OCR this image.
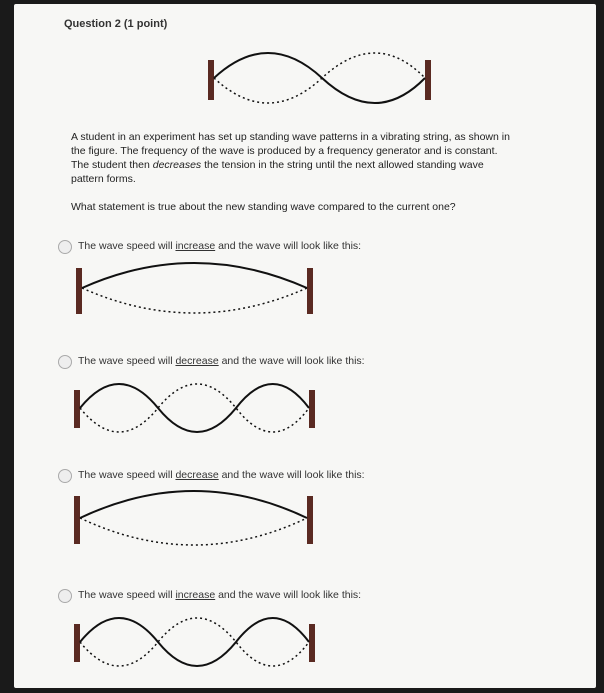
Question 2 (1 point)
A student in an experiment has set up standing wave patterns in a vibrating string, as shown in
the figure. The frequency of the wave is produced by a frequency generator and is constant.
The student then decreases the tension in the string until the next allowed standing wave
pattern forms.
What statement is true about the new standing wave compared to the current one?
The wave speed will increase and the wave will look like this:
The wave speed will decrease and the wave will look like this:
The wave speed will decrease and the wave will look like this:
The wave speed will increase and the wave will look like this:
